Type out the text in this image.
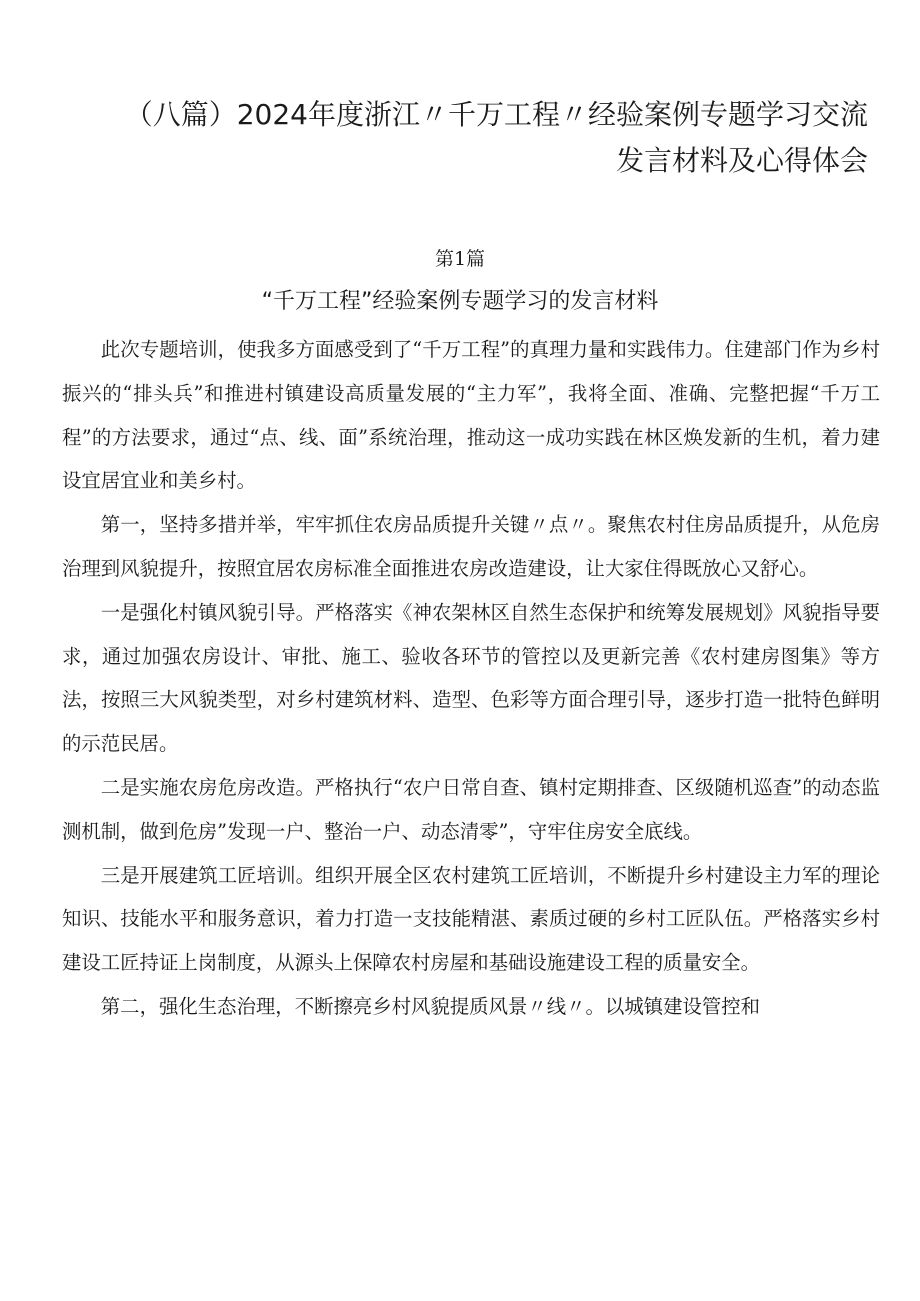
（八篇）2024年度浙江〃千万工程〃经验案例专题学习交流
发言材料及心得体会
第1篇
“千万工程”经验案例专题学习的发言材料

此次专题培训，使我多方面感受到了“千万工程”的真理力量和实践伟力。住建部门作为乡村振兴的“排头兵”和推进村镇建设高质量发展的“主力军”，我将全面、准确、完整把握“千万工程”的方法要求，通过“点、线、面”系统治理，推动这一成功实践在林区焕发新的生机，着力建设宜居宜业和美乡村。

第一，坚持多措并举，牢牢抓住农房品质提升关键〃点〃。聚焦农村住房品质提升，从危房治理到风貌提升，按照宜居农房标准全面推进农房改造建设，让大家住得既放心又舒心。

一是强化村镇风貌引导。严格落实《神农架林区自然生态保护和统筹发展规划》风貌指导要求，通过加强农房设计、审批、施工、验收各环节的管控以及更新完善《农村建房图集》等方法，按照三大风貌类型，对乡村建筑材料、造型、色彩等方面合理引导，逐步打造一批特色鲜明的示范民居。

二是实施农房危房改造。严格执行“农户日常自查、镇村定期排查、区级随机巡查”的动态监测机制，做到危房”发现一户、整治一户、动态清零”，守牢住房安全底线。

三是开展建筑工匠培训。组织开展全区农村建筑工匠培训，不断提升乡村建设主力军的理论知识、技能水平和服务意识，着力打造一支技能精湛、素质过硬的乡村工匠队伍。严格落实乡村建设工匠持证上岗制度，从源头上保障农村房屋和基础设施建设工程的质量安全。

第二，强化生态治理，不断擦亮乡村风貌提质风景〃线〃。以城镇建设管控和
